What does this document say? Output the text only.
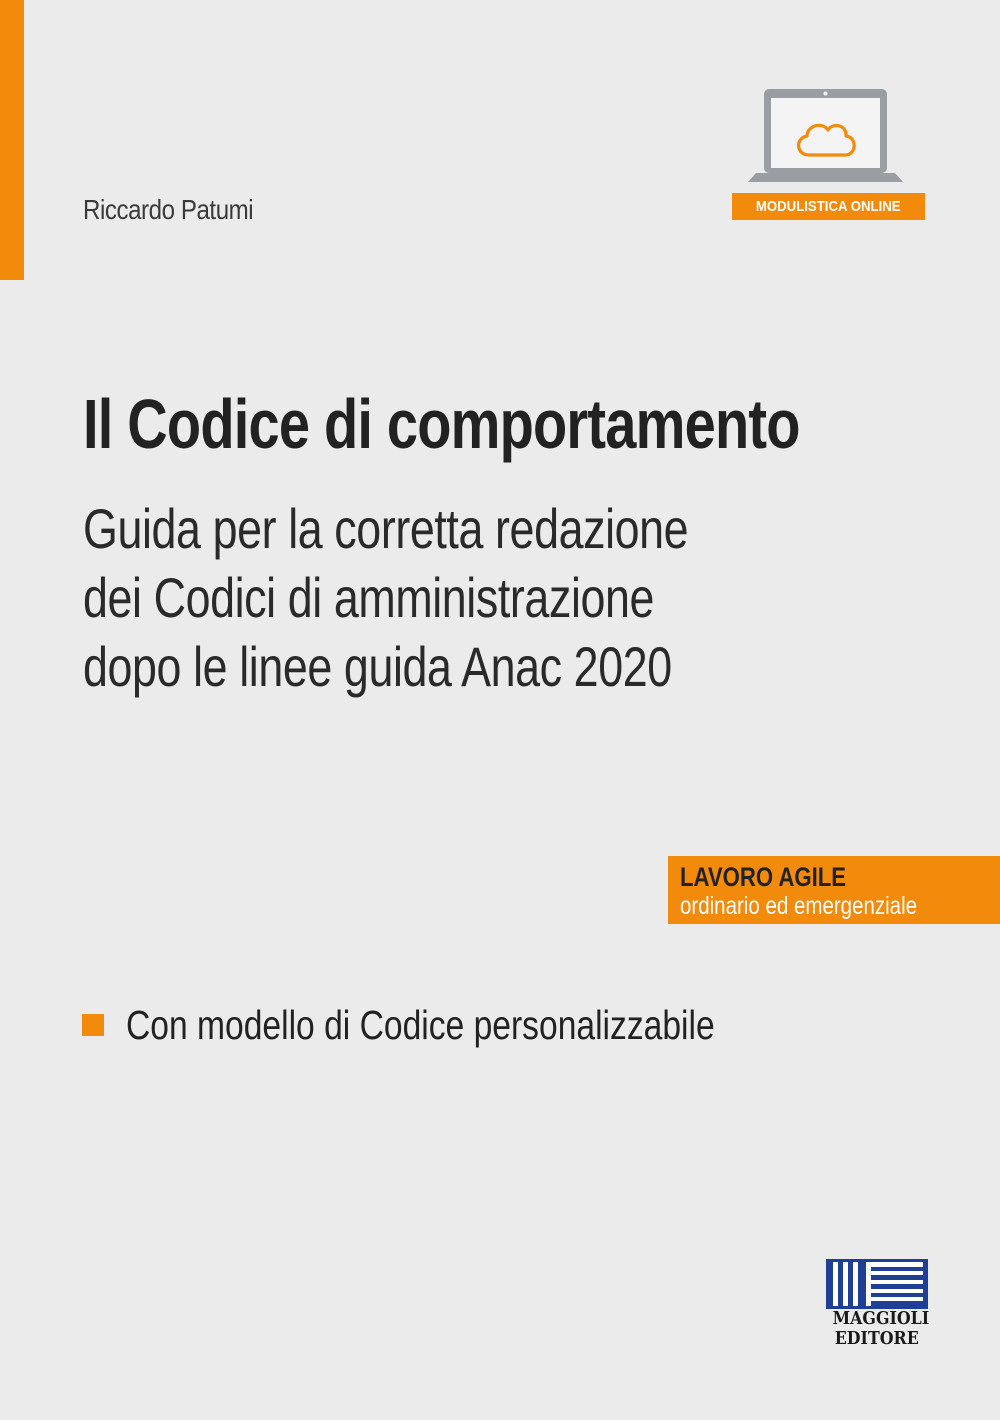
Riccardo Patumi	MODULISTICA ONLINE
Il Codice di comportamento
Guida per la corretta redazione
dei Codici di amministrazione
dopo le linee guida Anac 2020
LAVORO AGILE
ordinario ed emergenziale
Con modello di Codice personalizzabile
MAGGIOLI
EDITORE
